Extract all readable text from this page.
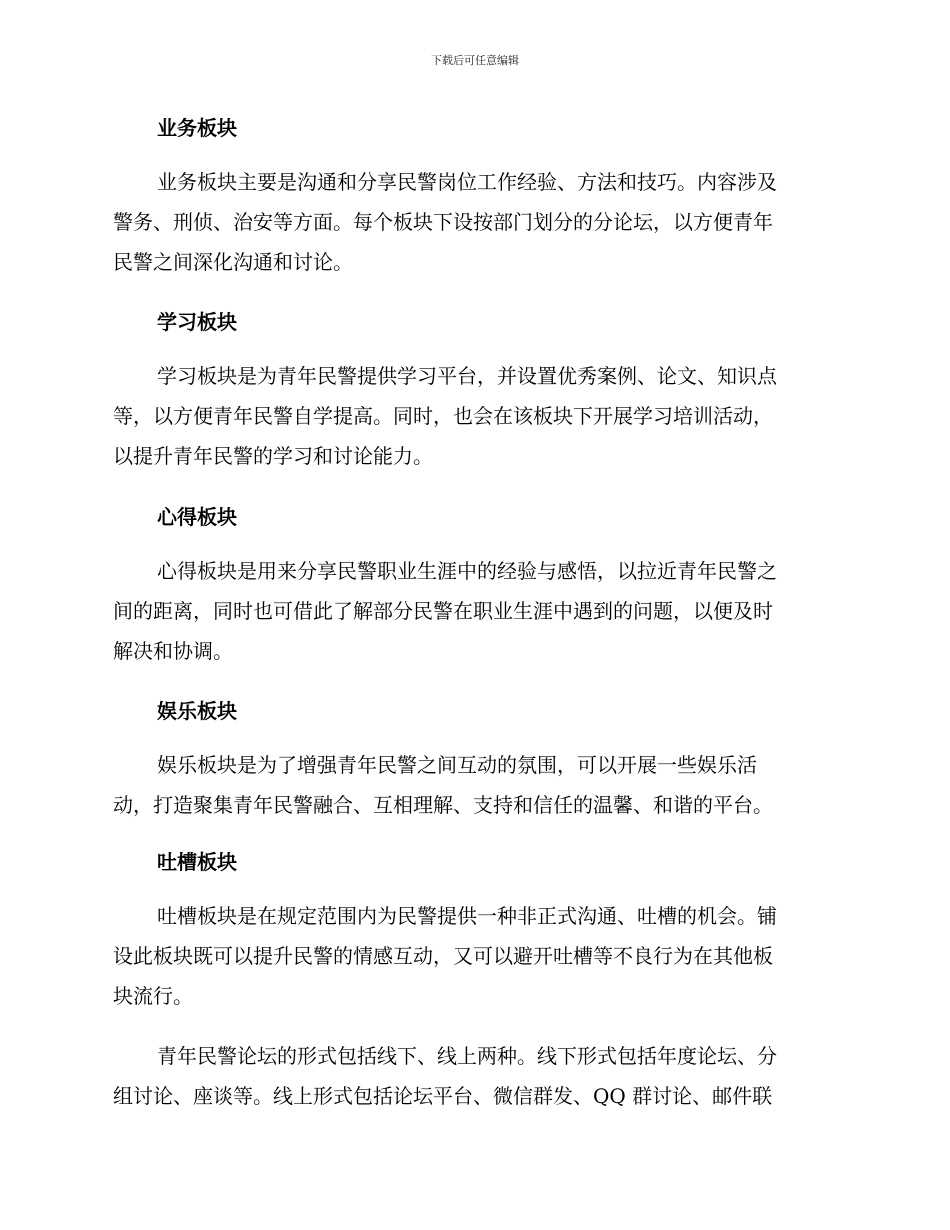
下载后可任意编辑
业务板块
业务板块主要是沟通和分享民警岗位工作经验、方法和技巧。内容涉及
警务、刑侦、治安等方面。每个板块下设按部门划分的分论坛，以方便青年
民警之间深化沟通和讨论。
学习板块
学习板块是为青年民警提供学习平台，并设置优秀案例、论文、知识点
等，以方便青年民警自学提高。同时，也会在该板块下开展学习培训活动，
以提升青年民警的学习和讨论能力。
心得板块
心得板块是用来分享民警职业生涯中的经验与感悟，以拉近青年民警之
间的距离，同时也可借此了解部分民警在职业生涯中遇到的问题，以便及时
解决和协调。
娱乐板块
娱乐板块是为了增强青年民警之间互动的氛围，可以开展一些娱乐活
动，打造聚集青年民警融合、互相理解、支持和信任的温馨、和谐的平台。
吐槽板块
吐槽板块是在规定范围内为民警提供一种非正式沟通、吐槽的机会。铺
设此板块既可以提升民警的情感互动，又可以避开吐槽等不良行为在其他板
块流行。
青年民警论坛的形式包括线下、线上两种。线下形式包括年度论坛、分
组讨论、座谈等。线上形式包括论坛平台、微信群发、QQ 群讨论、邮件联
